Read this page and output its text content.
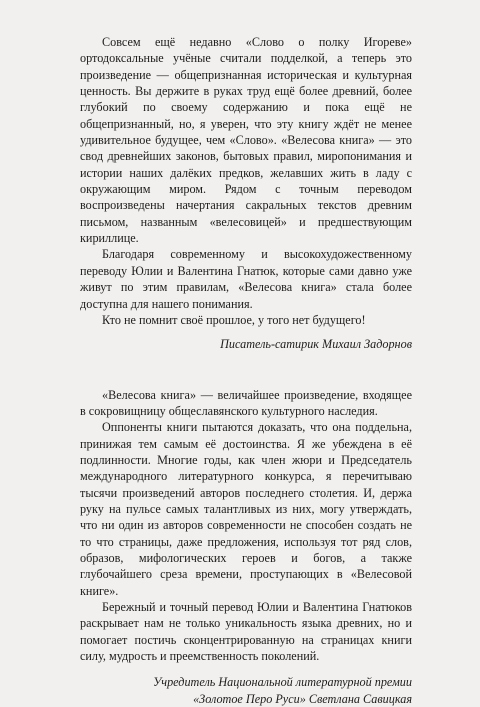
Совсем ещё недавно «Слово о полку Игореве» ортодоксальные учёные считали подделкой, а теперь это произведение — общепризнанная историческая и культурная ценность. Вы держите в руках труд ещё более древний, более глубокий по своему содержанию и пока ещё не общепризнанный, но, я уверен, что эту книгу ждёт не менее удивительное будущее, чем «Слово». «Велесова книга» — это свод древнейших законов, бытовых правил, миропонимания и истории наших далёких предков, желавших жить в ладу с окружающим миром. Рядом с точным переводом воспроизведены начертания сакральных текстов древним письмом, названным «велесовицей» и предшествующим кириллице.

Благодаря современному и высокохудожественному переводу Юлии и Валентина Гнатюк, которые сами давно уже живут по этим правилам, «Велесова книга» стала более доступна для нашего понимания.

Кто не помнит своё прошлое, у того нет будущего!

Писатель-сатирик Михаил Задорнов

«Велесова книга» — величайшее произведение, входящее в сокровищницу общеславянского культурного наследия.

Оппоненты книги пытаются доказать, что она поддельна, принижая тем самым её достоинства. Я же убеждена в её подлинности. Многие годы, как член жюри и Председатель международного литературного конкурса, я перечитываю тысячи произведений авторов последнего столетия. И, держа руку на пульсе самых талантливых из них, могу утверждать, что ни один из авторов современности не способен создать не то что страницы, даже предложения, используя тот ряд слов, образов, мифологических героев и богов, а также глубочайшего среза времени, проступающих в «Велесовой книге».

Бережный и точный перевод Юлии и Валентина Гнатюков раскрывает нам не только уникальность языка древних, но и помогает постичь сконцентрированную на страницах книги силу, мудрость и преемственность поколений.

Учредитель Национальной литературной премии

«Золотое Перо Руси» Светлана Савицкая
